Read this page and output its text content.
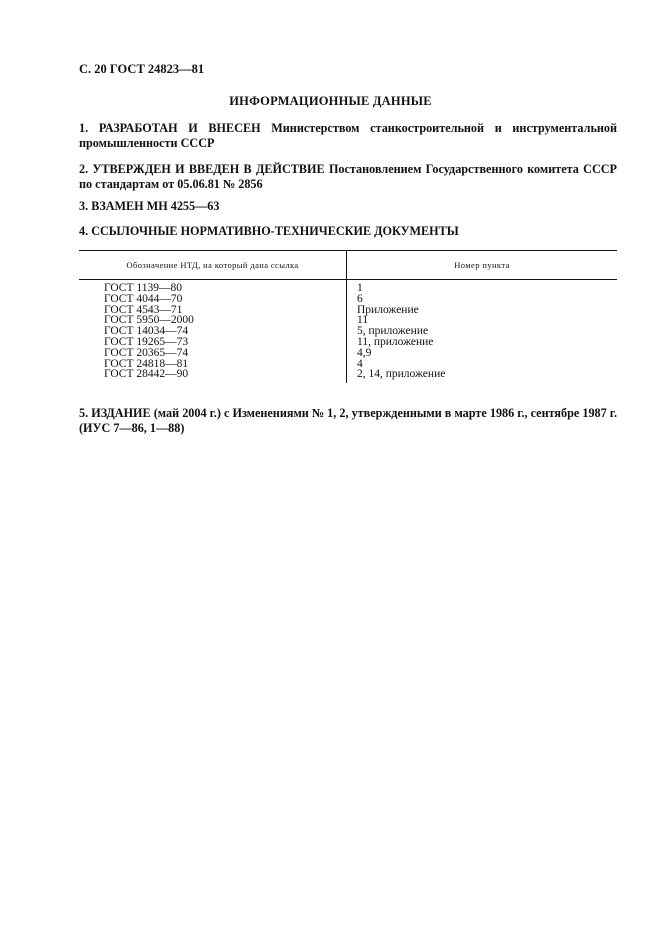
С. 20 ГОСТ 24823—81
ИНФОРМАЦИОННЫЕ ДАННЫЕ
1. РАЗРАБОТАН И ВНЕСЕН Министерством станкостроительной и инструментальной промышленности СССР
2. УТВЕРЖДЕН И ВВЕДЕН В ДЕЙСТВИЕ Постановлением Государственного комитета СССР по стандартам от 05.06.81 № 2856
3. ВЗАМЕН МН 4255—63
4. ССЫЛОЧНЫЕ НОРМАТИВНО-ТЕХНИЧЕСКИЕ ДОКУМЕНТЫ
Обозначение НТД, на который дана ссылка	Номер пункта
ГОСТ 1139—80	1
ГОСТ 4044—70	6
ГОСТ 4543—71	Приложение
ГОСТ 5950—2000	11
ГОСТ 14034—74	5, приложение
ГОСТ 19265—73	11, приложение
ГОСТ 20365—74	4,9
ГОСТ 24818—81	4
ГОСТ 28442—90	2, 14, приложение
5. ИЗДАНИЕ (май 2004 г.) с Изменениями № 1, 2, утвержденными в марте 1986 г., сентябре 1987 г. (ИУС 7—86, 1—88)
